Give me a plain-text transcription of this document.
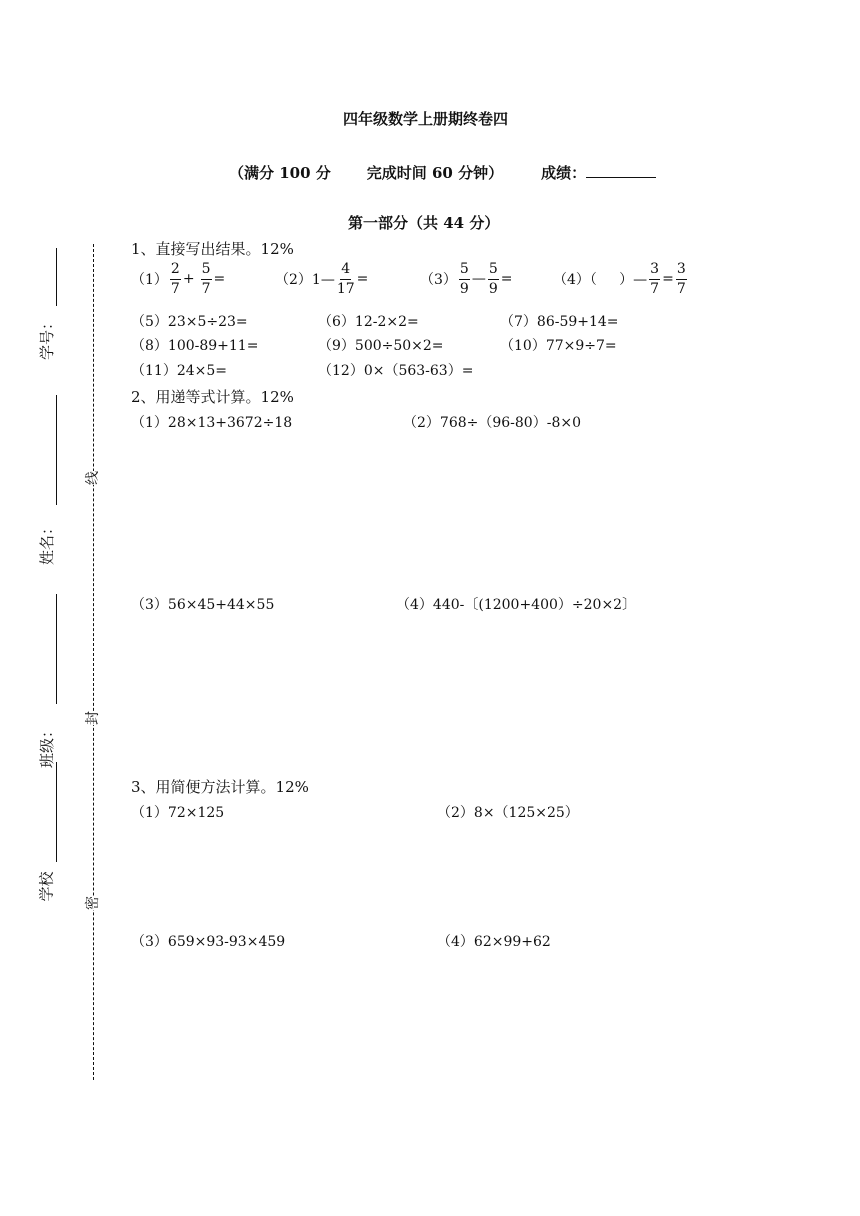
学号：
姓名：
班级：
学校
线
封
密
四年级数学上册期终卷四
（满分 100 分 完成时间 60 分钟）	成绩：
第一部分（共 44 分）
1、直接写出结果。12%
$(1) \frac{2}{7} + \frac{5}{7}$ =	（2）1— $\frac{4}{17}$ =	$(3) \frac{5}{9}$ — $\frac{5}{9}$ =	（4）（     ）— $\frac{3}{7} = \frac{3}{7}$
（5）23×5÷23=	（6）12-2×2=	（7）86-59+14=
（8）100-89+11=	（9）500÷50×2=	（10）77×9÷7=
（11）24×5=	（12）0×（563-63）=
2、用递等式计算。12%
（1）28×13+3672÷18	（2）768÷（96-80）-8×0
（3）56×45+44×55	（4）440-〔(1200+400）÷20×2〕
3、用简便方法计算。12%
（1）72×125	（2）8×（125×25）
（3）659×93-93×459	（4）62×99+62
